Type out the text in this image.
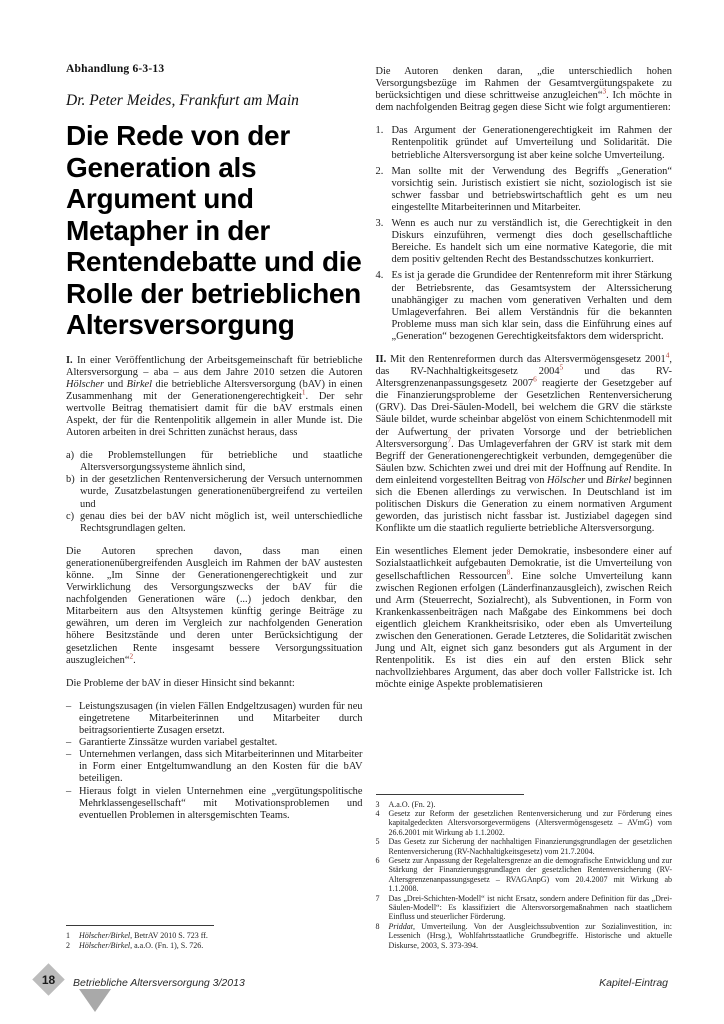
Abhandlung 6-3-13
Dr. Peter Meides, Frankfurt am Main
Die Rede von der Generation als Argument und Metapher in der Rentendebatte und die Rolle der betrieblichen Altersversorgung

I. In einer Veröffentlichung der Arbeitsgemeinschaft für betriebliche Altersversorgung – aba – aus dem Jahre 2010 setzen die Autoren Hölscher und Birkel die betriebliche Altersversorgung (bAV) in einen Zusammenhang mit der Generationengerechtigkeit$^1$. Der sehr wertvolle Beitrag thematisiert damit für die bAV erstmals einen Aspekt, der für die Rentenpolitik allgemein in aller Munde ist. Die Autoren arbeiten in drei Schritten zunächst heraus, dass

a) die Problemstellungen für betriebliche und staatliche Altersversorgungssysteme ähnlich sind,
b) in der gesetzlichen Rentenversicherung der Versuch unternommen wurde, Zusatzbelastungen generationenübergreifend zu verteilen und
c) genau dies bei der bAV nicht möglich ist, weil unterschiedliche Rechtsgrundlagen gelten.

Die Autoren sprechen davon, dass man einen generationenübergreifenden Ausgleich im Rahmen der bAV austesten könne. „Im Sinne der Generationengerechtigkeit und zur Verwirklichung des Versorgungszwecks der bAV für die nachfolgenden Generationen wäre (...) jedoch denkbar, den Mitarbeitern aus den Altsystemen künftig geringe Beiträge zu gewähren, um deren im Vergleich zur nachfolgenden Generation höhere Besitzstände und deren unter Berücksichtigung der gesetzlichen Rente insgesamt bessere Versorgungssituation auszugleichen“$^2$.

Die Probleme der bAV in dieser Hinsicht sind bekannt:

– Leistungszusagen (in vielen Fällen Endgeltzusagen) wurden für neu eingetretene Mitarbeiterinnen und Mitarbeiter durch beitragsorientierte Zusagen ersetzt.
– Garantierte Zinssätze wurden variabel gestaltet.
– Unternehmen verlangen, dass sich Mitarbeiterinnen und Mitarbeiter in Form einer Entgeltumwandlung an den Kosten für die bAV beteiligen.
– Hieraus folgt in vielen Unternehmen eine „vergütungspolitische Mehrklassengesellschaft“ mit Motivationsproblemen und eventuellen Problemen in altersgemischten Teams.
1	Hölscher/Birkel, BetrAV 2010 S. 723 ff.
2	Hölscher/Birkel, a.a.O. (Fn. 1), S. 726.

Die Autoren denken daran, „die unterschiedlich hohen Versorgungsbezüge im Rahmen der Gesamtvergütungspakete zu berücksichtigen und diese schrittweise anzugleichen“$^3$. Ich möchte in dem nachfolgenden Beitrag gegen diese Sicht wie folgt argumentieren:

1. Das Argument der Generationengerechtigkeit im Rahmen der Rentenpolitik gründet auf Umverteilung und Solidarität. Die betriebliche Altersversorgung ist aber keine solche Umverteilung.
2. Man sollte mit der Verwendung des Begriffs „Generation“ vorsichtig sein. Juristisch existiert sie nicht, soziologisch ist sie schwer fassbar und betriebswirtschaftlich geht es um neu eingestellte Mitarbeiterinnen und Mitarbeiter.
3. Wenn es auch nur zu verständlich ist, die Gerechtigkeit in den Diskurs einzuführen, vermengt dies doch gesellschaftliche Bereiche. Es handelt sich um eine normative Kategorie, die mit dem positiv geltenden Recht des Bestandsschutzes konkurriert.
4. Es ist ja gerade die Grundidee der Rentenreform mit ihrer Stärkung der Betriebsrente, das Gesamtsystem der Alterssicherung unabhängiger zu machen vom generativen Verhalten und dem Umlageverfahren. Bei allem Verständnis für die bekannten Probleme muss man sich klar sein, dass die Einführung eines auf „Generation“ bezogenen Gerechtigkeitsfaktors dem widerspricht.

II. Mit den Rentenreformen durch das Altersvermögensgesetz 2001$^4$, das RV-Nachhaltigkeitsgesetz 2004$^5$ und das RV-Altersgrenzenanpassungsgesetz 2007$^6$ reagierte der Gesetzgeber auf die Finanzierungsprobleme der Gesetzlichen Rentenversicherung (GRV). Das Drei-Säulen-Modell, bei welchem die GRV die stärkste Säule bildet, wurde scheinbar abgelöst von einem Schichtenmodell mit der Aufwertung der privaten Vorsorge und der betrieblichen Altersversorgung$^7$. Das Umlageverfahren der GRV ist stark mit dem Begriff der Generationengerechtigkeit verbunden, demgegenüber die Säulen bzw. Schichten zwei und drei mit der Hoffnung auf Rendite. In dem einleitend vorgestellten Beitrag von Hölscher und Birkel beginnen sich die Ebenen allerdings zu verwischen. In Deutschland ist im politischen Diskurs die Generation zu einem normativen Argument geworden, das juristisch nicht fassbar ist. Justiziabel dagegen sind Konflikte um die staatlich regulierte betriebliche Altersversorgung.

Ein wesentliches Element jeder Demokratie, insbesondere einer auf Sozialstaatlichkeit aufgebauten Demokratie, ist die Umverteilung von gesellschaftlichen Ressourcen$^8$. Eine solche Umverteilung kann zwischen Regionen erfolgen (Länderfinanzausgleich), zwischen Reich und Arm (Steuerrecht, Sozialrecht), als Subventionen, in Form von Krankenkassenbeiträgen nach Maßgabe des Einkommens bei doch eigentlich gleichem Krankheitsrisiko, oder eben als Umverteilung zwischen den Generationen. Gerade Letzteres, die Solidarität zwischen Jung und Alt, eignet sich ganz besonders gut als Argument in der Rentenpolitik. Es ist dies ein auf den ersten Blick sehr nachvollziehbares Argument, das aber doch voller Fallstricke ist. Ich möchte einige Aspekte problematisieren

3	A.a.O. (Fn. 2).
4	Gesetz zur Reform der gesetzlichen Rentenversicherung und zur Förderung eines kapitalgedeckten Altersvorsorgevermögens (Altersvermögensgesetz – AVmG) vom 26.6.2001 mit Wirkung ab 1.1.2002.
5	Das Gesetz zur Sicherung der nachhaltigen Finanzierungsgrundlagen der gesetzlichen Rentenversicherung (RV-Nachhaltigkeitsgesetz) vom 21.7.2004.
6	Gesetz zur Anpassung der Regelaltersgrenze an die demografische Entwicklung und zur Stärkung der Finanzierungsgrundlagen der gesetzlichen Rentenversicherung (RV-Altersgrenzenanpassungsgesetz – RVAGAnpG) vom 20.4.2007 mit Wirkung ab 1.1.2008.
7	Das „Drei-Schichten-Modell“ ist nicht Ersatz, sondern andere Definition für das „Drei-Säulen-Modell“: Es klassifiziert die Altersvorsorgemaßnahmen nach staatlichem Einfluss und steuerlicher Förderung.
8	Priddat, Umverteilung. Von der Ausgleichssubvention zur Sozialinvestition, in: Lessenich (Hrsg.), Wohlfahrtsstaatliche Grundbegriffe. Historische und aktuelle Diskurse, 2003, S. 373-394.
18	Betriebliche Altersversorgung 3/2013	Kapitel-Eintrag
